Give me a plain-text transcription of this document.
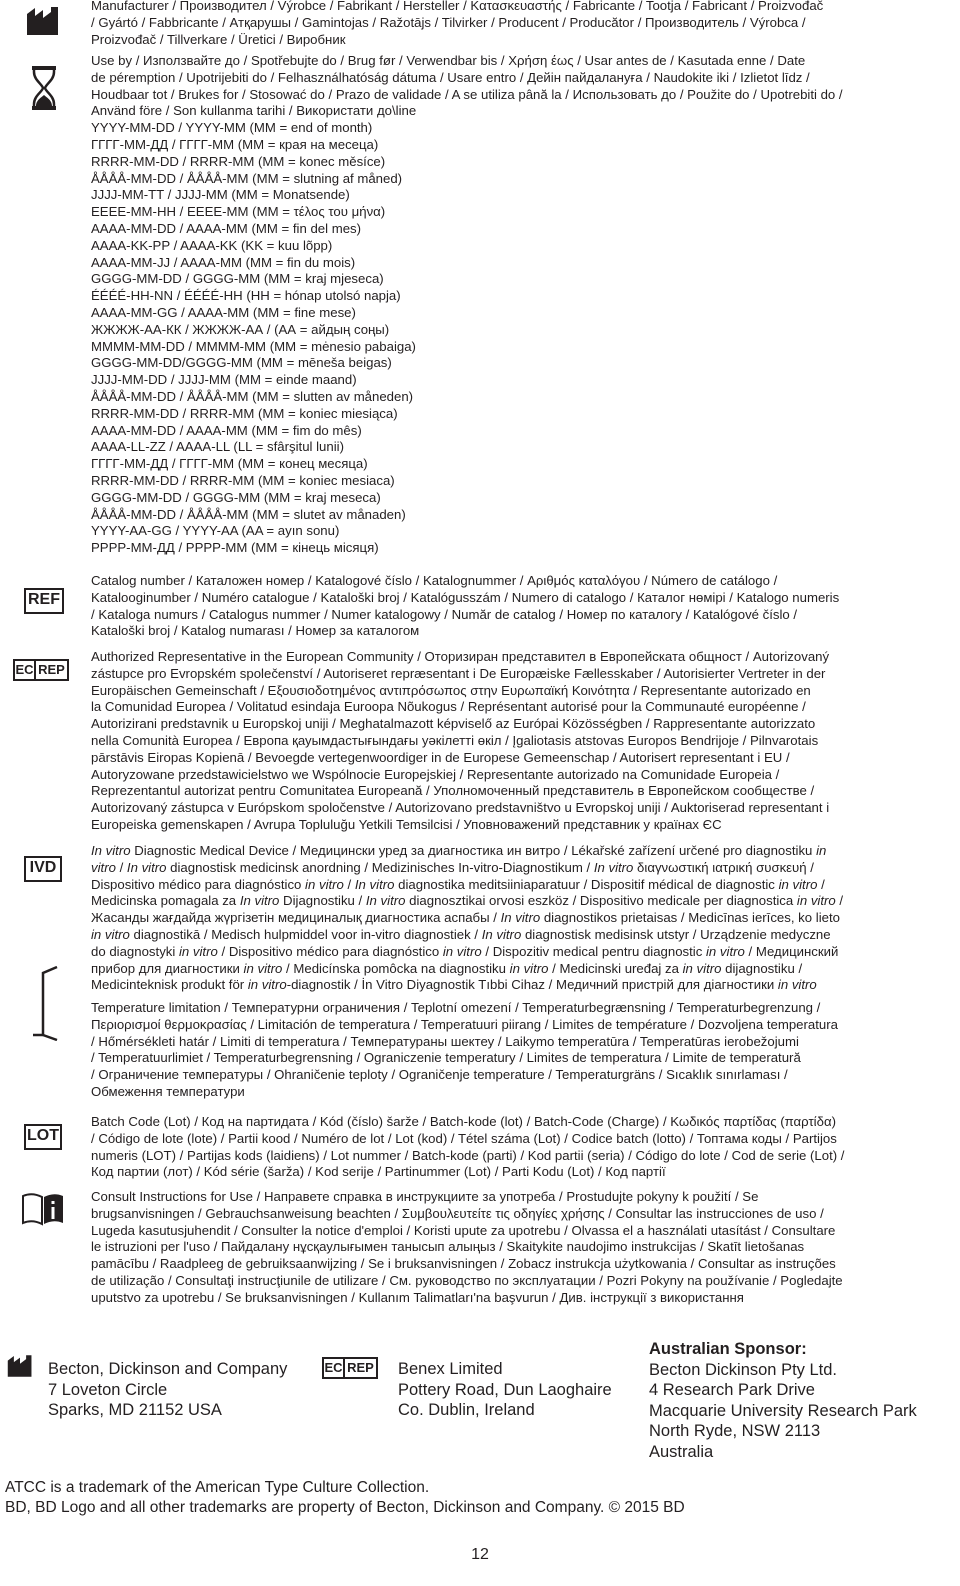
REF
EC REP
IVD
LOT
Manufacturer / Производител / Výrobce / Fabrikant / Hersteller / Κατασκευαστής / Fabricante / Tootja / Fabricant / Proizvođač
/ Gyártó / Fabbricante / Атқарушы / Gamintojas / Ražotājs / Tilvirker / Producent / Producător / Производитель / Výrobca /
Proizvođač / Tillverkare / Üretici / Виробник
Use by / Използвайте до / Spotřebujte do / Brug før / Verwendbar bis / Χρήση έως / Usar antes de / Kasutada enne / Date
de péremption / Upotrijebiti do / Felhasználhatóság dátuma / Usare entro / Дейін пайдалануға / Naudokite iki / Izlietot līdz /
Houdbaar tot / Brukes for / Stosować do / Prazo de validade / A se utiliza până la / Использовать до / Použite do / Upotrebiti do /
Använd före / Son kullanma tarihi / Використати до\line
YYYY-MM-DD / YYYY-MM (MM = end of month)
ГГГГ-ММ-ДД / ГГГГ-ММ (ММ = края на месеца)
RRRR-MM-DD / RRRR-MM (MM = konec měsíce)
ÅÅÅÅ-MM-DD / ÅÅÅÅ-MM (MM = slutning af måned)
JJJJ-MM-TT / JJJJ-MM (MM = Monatsende)
ΕΕΕΕ-ΜΜ-ΗΗ / ΕΕΕΕ-ΜΜ (ΜΜ = τέλος του μήνα)
AAAA-MM-DD / AAAA-MM (MM = fin del mes)
AAAA-KK-PP / AAAA-KK (KK = kuu lõpp)
AAAA-MM-JJ / AAAA-MM (MM = fin du mois)
GGGG-MM-DD / GGGG-MM (MM = kraj mjeseca)
ÉÉÉÉ-HH-NN / ÉÉÉÉ-HH (HH = hónap utolsó napja)
AAAA-MM-GG / AAAA-MM (MM = fine mese)
ЖЖЖЖ-АА-КК / ЖЖЖЖ-АА / (АА = айдың соңы)
MMMM-MM-DD / MMMM-MM (MM = mėnesio pabaiga)
GGGG-MM-DD/GGGG-MM (MM = mēneša beigas)
JJJJ-MM-DD / JJJJ-MM (MM = einde maand)
ÅÅÅÅ-MM-DD / ÅÅÅÅ-MM (MM = slutten av måneden)
RRRR-MM-DD / RRRR-MM (MM = koniec miesiąca)
AAAA-MM-DD / AAAA-MM (MM = fim do mês)
AAAA-LL-ZZ / AAAA-LL (LL = sfârşitul lunii)
ГГГГ-ММ-ДД / ГГГГ-ММ (ММ = конец месяца)
RRRR-MM-DD / RRRR-MM (MM = koniec mesiaca)
GGGG-MM-DD / GGGG-MM (MM = kraj meseca)
ÅÅÅÅ-MM-DD / ÅÅÅÅ-MM (MM = slutet av månaden)
YYYY-AA-GG / YYYY-AA (AA = ayın sonu)
РРРР-ММ-ДД / РРРР-ММ (ММ = кінець місяця)
Catalog number / Каталожен номер / Katalogové číslo / Katalognummer / Αριθμός καταλόγου / Número de catálogo /
Katalooginumber / Numéro catalogue / Kataloški broj / Katalógusszám / Numero di catalogo / Каталог нөмірі / Katalogo numeris
/ Kataloga numurs / Catalogus nummer / Numer katalogowy / Număr de catalog / Номер по каталогу / Katalógové číslo /
Kataloški broj / Katalog numarası / Номер за каталогом
Authorized Representative in the European Community / Оторизиран представител в Европейската общност / Autorizovaný
zástupce pro Evropském společenství / Autoriseret repræsentant i De Europæiske Fællesskaber / Autorisierter Vertreter in der
Europäischen Gemeinschaft / Εξουσιοδοτημένος αντιπρόσωπος στην Ευρωπαϊκή Κοινότητα / Representante autorizado en
la Comunidad Europea / Volitatud esindaja Euroopa Nõukogus / Représentant autorisé pour la Communauté européenne /
Autorizirani predstavnik u Europskoj uniji / Meghatalmazott képviselő az Európai Közösségben / Rappresentante autorizzato
nella Comunità Europea / Европа қауымдастығындағы уәкілетті өкіл / Įgaliotasis atstovas Europos Bendrijoje / Pilnvarotais
pārstāvis Eiropas Kopienā / Bevoegde vertegenwoordiger in de Europese Gemeenschap / Autorisert representant i EU /
Autoryzowane przedstawicielstwo we Wspólnocie Europejskiej / Representante autorizado na Comunidade Europeia /
Reprezentantul autorizat pentru Comunitatea Europeană / Уполномоченный представитель в Европейском сообществе /
Autorizovaný zástupca v Európskom spoločenstve / Autorizovano predstavništvo u Evropskoj uniji / Auktoriserad representant i
Europeiska gemenskapen / Avrupa Topluluğu Yetkili Temsilcisi / Уповноважений представник у країнах ЄС
In vitro Diagnostic Medical Device / Медицински уред за диагностика ин витро / Lékařské zařízení určené pro diagnostiku in
vitro / In vitro diagnostisk medicinsk anordning / Medizinisches In-vitro-Diagnostikum / In vitro διαγνωστική ιατρική συσκευή /
Dispositivo médico para diagnóstico in vitro / In vitro diagnostika meditsiiniaparatuur / Dispositif médical de diagnostic in vitro /
Medicinska pomagala za In vitro Dijagnostiku / In vitro diagnosztikai orvosi eszköz / Dispositivo medicale per diagnostica in vitro /
Жасанды жағдайда жүргізетін медициналық диагностика аспабы / In vitro diagnostikos prietaisas / Medicīnas ierīces, ko lieto
in vitro diagnostikā / Medisch hulpmiddel voor in-vitro diagnostiek / In vitro diagnostisk medisinsk utstyr / Urządzenie medyczne
do diagnostyki in vitro / Dispositivo médico para diagnóstico in vitro / Dispozitiv medical pentru diagnostic in vitro / Медицинский
прибор для диагностики in vitro / Medicínska pomôcka na diagnostiku in vitro / Medicinski uređaj za in vitro dijagnostiku /
Medicinteknisk produkt för in vitro-diagnostik / İn Vitro Diyagnostik Tıbbi Cihaz / Медичний пристрій для діагностики in vitro
Temperature limitation / Температурни ограничения / Teplotní omezení / Temperaturbegrænsning / Temperaturbegrenzung /
Περιορισμοί θερμοκρασίας / Limitación de temperatura / Temperatuuri piirang / Limites de température / Dozvoljena temperatura
/ Hőmérsékleti határ / Limiti di temperatura / Температураны шектеу / Laikymo temperatūra / Temperatūras ierobežojumi
/ Temperatuurlimiet / Temperaturbegrensning / Ograniczenie temperatury / Limites de temperatura / Limite de temperatură
/ Ограничение температуры / Ohraničenie teploty / Ograničenje temperature / Temperaturgräns / Sıcaklık sınırlaması /
Обмеження температури
Batch Code (Lot) / Код на партидата / Kód (číslo) šarže / Batch-kode (lot) / Batch-Code (Charge) / Κωδικός παρτίδας (παρτίδα)
/ Código de lote (lote) / Partii kood / Numéro de lot / Lot (kod) / Tétel száma (Lot) / Codice batch (lotto) / Топтама коды / Partijos
numeris (LOT) / Partijas kods (laidiens) / Lot nummer / Batch-kode (parti) / Kod partii (seria) / Código do lote / Cod de serie (Lot) /
Код партии (лот) / Kód série (šarža) / Kod serije / Partinummer (Lot) / Parti Kodu (Lot) / Код партії
Consult Instructions for Use / Направете справка в инструкциите за употреба / Prostudujte pokyny k použití / Se
brugsanvisningen / Gebrauchsanweisung beachten / Συμβουλευτείτε τις οδηγίες χρήσης / Consultar las instrucciones de uso /
Lugeda kasutusjuhendit / Consulter la notice d'emploi / Koristi upute za upotrebu / Olvassa el a használati utasítást / Consultare
le istruzioni per l'uso / Пайдалану нұсқаулығымен танысып алыңыз / Skaitykite naudojimo instrukcijas / Skatīt lietošanas
pamācību / Raadpleeg de gebruiksaanwijzing / Se i bruksanvisningen / Zobacz instrukcja użytkowania / Consultar as instruções
de utilização / Consultaţi instrucţiunile de utilizare / См. руководство по эксплуатации / Pozri Pokyny na používanie / Pogledajte
uputstvo za upotrebu / Se bruksanvisningen / Kullanım Talimatları'na başvurun / Див. інструкції з використання
Becton, Dickinson and Company
7 Loveton Circle
Sparks, MD 21152 USA
EC REP Benex Limited
Pottery Road, Dun Laoghaire
Co. Dublin, Ireland
Australian Sponsor:
Becton Dickinson Pty Ltd.
4 Research Park Drive
Macquarie University Research Park
North Ryde, NSW 2113
Australia
ATCC is a trademark of the American Type Culture Collection.
BD, BD Logo and all other trademarks are property of Becton, Dickinson and Company. © 2015 BD
12
